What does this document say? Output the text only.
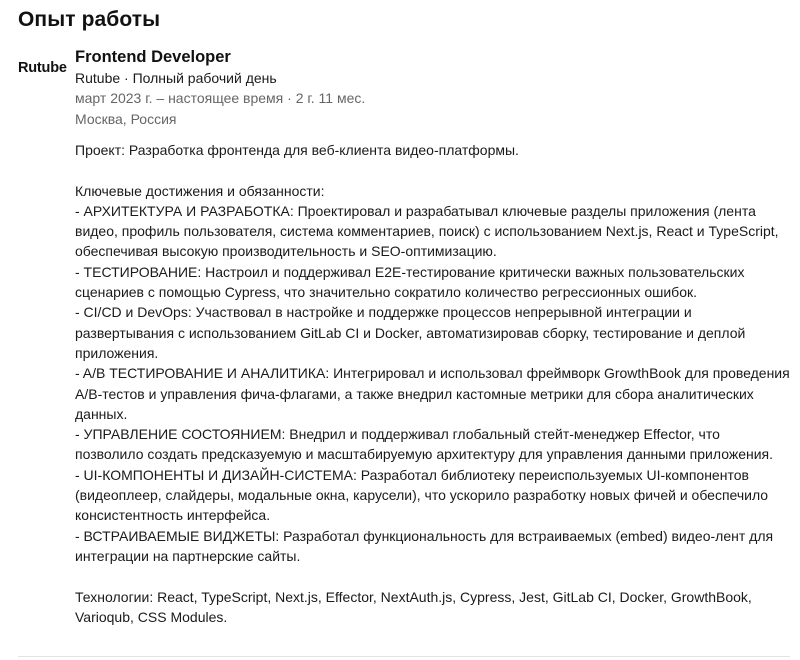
Опыт работы
Rutube
Frontend Developer
Rutube · Полный рабочий день
март 2023 г. – настоящее время · 2 г. 11 мес.
Москва, Россия

Проект: Разработка фронтенда для веб-клиента видео-платформы.

Ключевые достижения и обязанности:

- АРХИТЕКТУРА И РАЗРАБОТКА: Проектировал и разрабатывал ключевые разделы приложения (лента видео, профиль пользователя, система комментариев, поиск) с использованием Next.js, React и TypeScript, обеспечивая высокую производительность и SEO-оптимизацию.

- ТЕСТИРОВАНИЕ: Настроил и поддерживал E2E-тестирование критически важных пользовательских сценариев с помощью Cypress, что значительно сократило количество регрессионных ошибок.

- CI/CD и DevOps: Участвовал в настройке и поддержке процессов непрерывной интеграции и развертывания с использованием GitLab CI и Docker, автоматизировав сборку, тестирование и деплой приложения.

- A/B ТЕСТИРОВАНИЕ И АНАЛИТИКА: Интегрировал и использовал фреймворк GrowthBook для проведения A/B-тестов и управления фича-флагами, а также внедрил кастомные метрики для сбора аналитических данных.

- УПРАВЛЕНИЕ СОСТОЯНИЕМ: Внедрил и поддерживал глобальный стейт-менеджер Effector, что позволило создать предсказуемую и масштабируемую архитектуру для управления данными приложения.

- UI-КОМПОНЕНТЫ И ДИЗАЙН-СИСТЕМА: Разработал библиотеку переиспользуемых UI-компонентов (видеоплеер, слайдеры, модальные окна, карусели), что ускорило разработку новых фичей и обеспечило консистентность интерфейса.

- ВСТРАИВАЕМЫЕ ВИДЖЕТЫ: Разработал функциональность для встраиваемых (embed) видео-лент для интеграции на партнерские сайты.

Технологии: React, TypeScript, Next.js, Effector, NextAuth.js, Cypress, Jest, GitLab CI, Docker, GrowthBook, Varioqub, CSS Modules.
